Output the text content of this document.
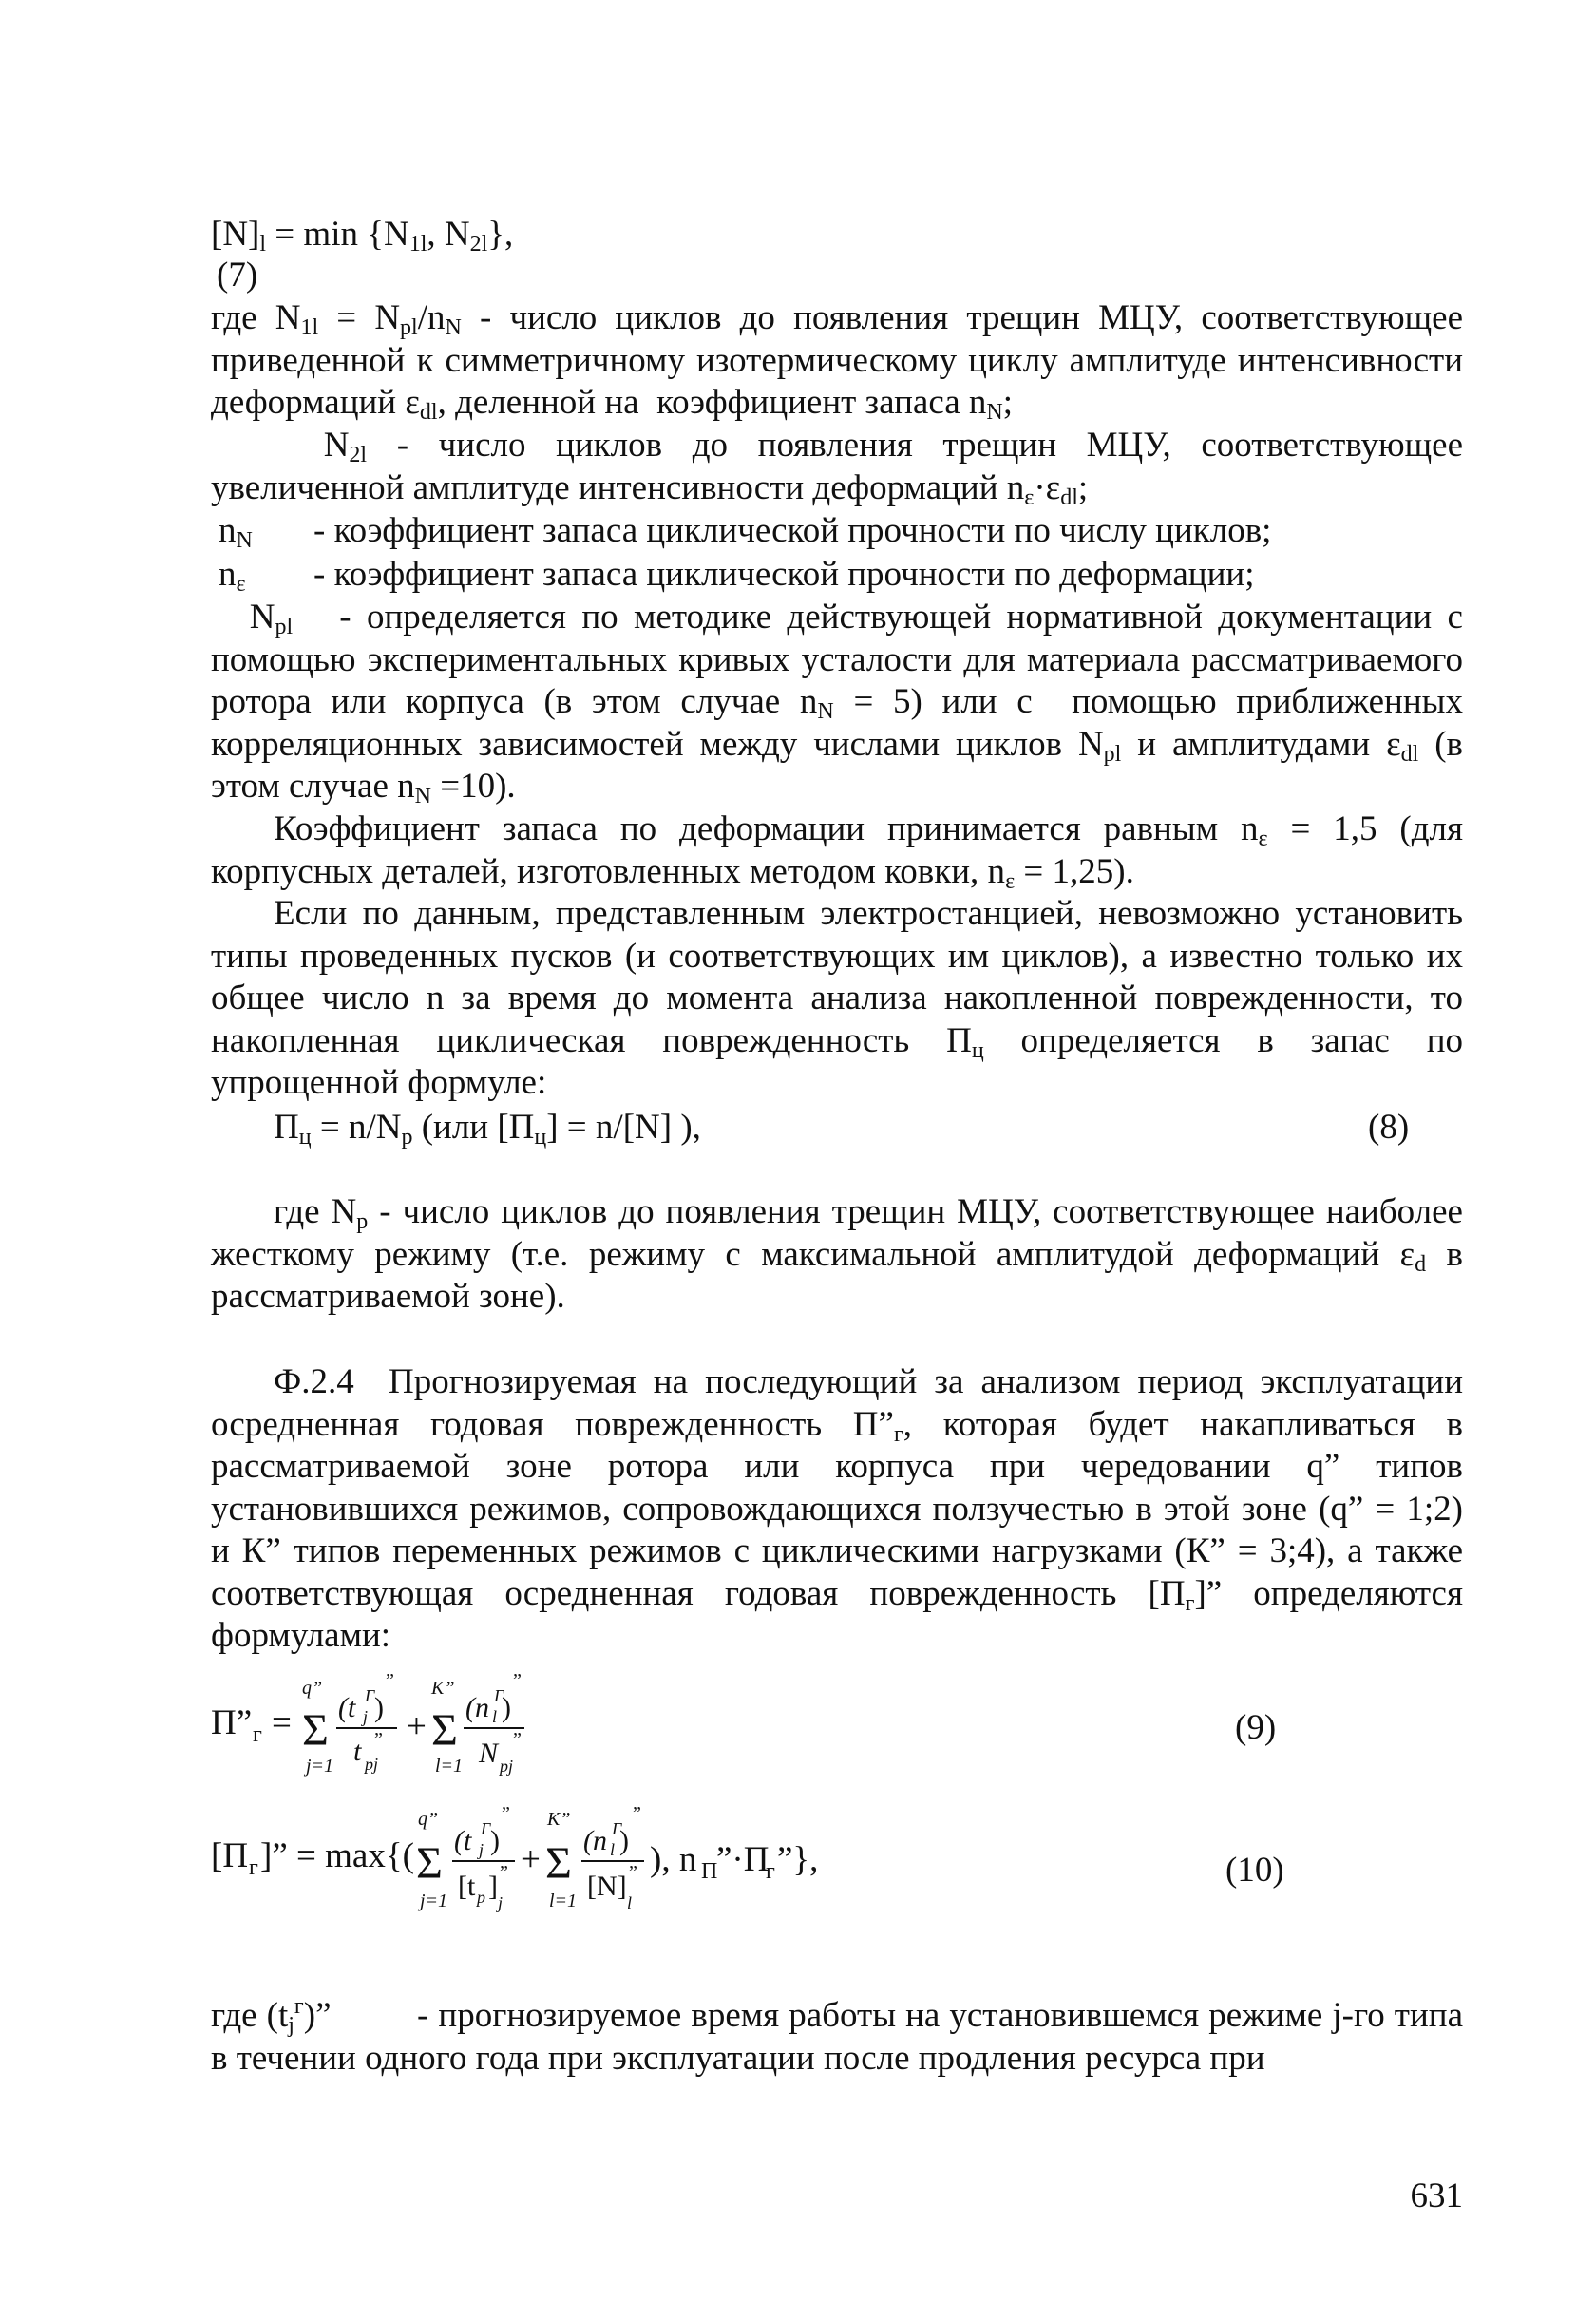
$[N]_l = \min \{N_{1l}$, $N_{2l}$},
(7)

где $N_{1l} = N_{pl}/n_N$ - число циклов до появления трещин МЦУ, соответствующее приведенной к симметричному изотермическому циклу амплитуде интенсивности деформаций $\varepsilon_{dl}$, деленной на  коэффициент запаса $n_N$;

$N_{2l}$  -  число  циклов  до  появления  трещин  МЦУ,  соответствующее увеличенной амплитуде интенсивности деформаций $n_\varepsilon\cdot\varepsilon_{dl}$;

$n_N$ - коэффициент запаса циклической прочности по числу циклов;
$n_\varepsilon$ - коэффициент запаса циклической прочности по деформации;

$N_{pl}$   - определяется по методике действующей нормативной документации с помощью экспериментальных кривых усталости для материала рассматриваемого ротора или корпуса (в этом случае $n_N = 5$) или с  помощью приближенных корреляционных зависимостей между числами циклов $N_{pl}$ и амплитудами $\varepsilon_{dl}$ (в этом случае $n_N =10$).

Коэффициент запаса по деформации принимается равным $n_\varepsilon = 1,5$ (для корпусных деталей, изготовленных методом ковки, $n_\varepsilon = 1,25$).

Если по данным, представленным электростанцией, невозможно установить типы проведенных пусков (и соответствующих им циклов), а известно только их общее число n за время до момента анализа накопленной поврежденности, то накопленная циклическая поврежденность $П_ц$ определяется в запас по упрощенной формуле:

$П_ц = n/N_p$ (или $[П_ц] = n/[N]$ ),	(8)

где $N_p$ - число циклов до появления трещин МЦУ, соответствующее наиболее жесткому режиму (т.е. режиму с максимальной амплитудой деформаций $\varepsilon_d$ в рассматриваемой зоне).

Ф.2.4  Прогнозируемая на последующий за анализом период эксплуатации осредненная годовая поврежденность $П”_г$, которая будет накапливаться в рассматриваемой зоне ротора или корпуса при чередовании q” типов установившихся режимов, сопровождающихся ползучестью в этой зоне (q” = 1;2) и К” типов переменных режимов с циклическими нагрузками (К” = 3;4), а также соответствующая осредненная годовая поврежденность $[П_г]$” определяются формулами:

П” г =
q”
Σ
j=1
(t Г
j )
”
t pj
” +
K”
Σ
l=1
(n Г
l )
”
N pj
”	(9)
[П г ]” = max{(
q”
Σ
j=1
(t Г
j )
”
[t p ]
j
” +
K”
Σ
l=1
(n Г
l )
”
[N]
l
” ), n П
”·П
г ”},	(10)

где $(t_j^г)$”         - прогнозируемое время работы на установившемся режиме j-го типа в течении одного года при эксплуатации после продления ресурса при

631
